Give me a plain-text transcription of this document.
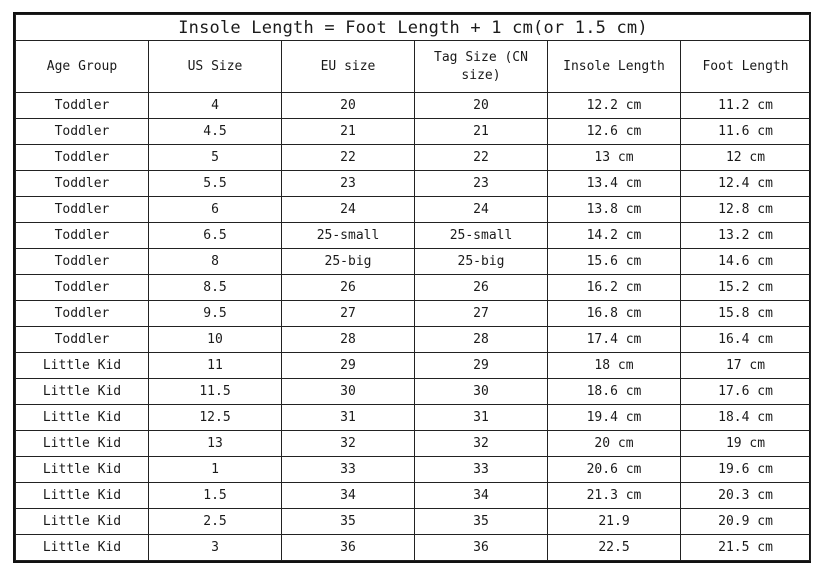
Insole Length = Foot Length + 1 cm(or 1.5 cm)					
Age Group	US Size	EU size	Tag Size (CN size)	Insole Length	Foot Length
Toddler	4	20	20	12.2 cm	11.2 cm
Toddler	4.5	21	21	12.6 cm	11.6 cm
Toddler	5	22	22	13 cm	12 cm
Toddler	5.5	23	23	13.4 cm	12.4 cm
Toddler	6	24	24	13.8 cm	12.8 cm
Toddler	6.5	25-small	25-small	14.2 cm	13.2 cm
Toddler	8	25-big	25-big	15.6 cm	14.6 cm
Toddler	8.5	26	26	16.2 cm	15.2 cm
Toddler	9.5	27	27	16.8 cm	15.8 cm
Toddler	10	28	28	17.4 cm	16.4 cm
Little Kid	11	29	29	18 cm	17 cm
Little Kid	11.5	30	30	18.6 cm	17.6 cm
Little Kid	12.5	31	31	19.4 cm	18.4 cm
Little Kid	13	32	32	20 cm	19 cm
Little Kid	1	33	33	20.6 cm	19.6 cm
Little Kid	1.5	34	34	21.3 cm	20.3 cm
Little Kid	2.5	35	35	21.9	20.9 cm
Little Kid	3	36	36	22.5	21.5 cm
